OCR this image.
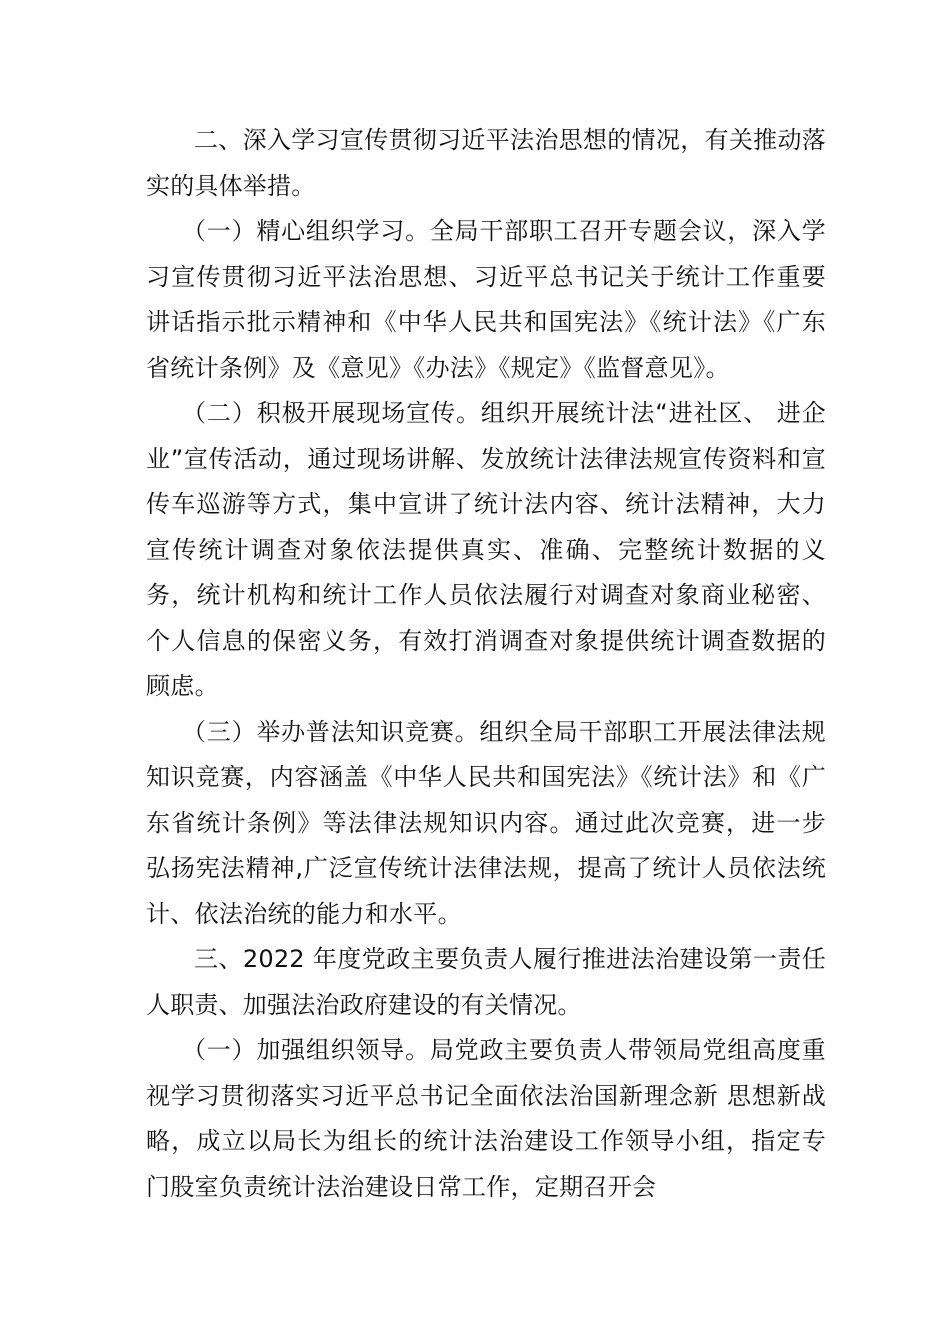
二、深入学习宣传贯彻习近平法治思想的情况，有关推动落实的具体举措。

（一）精心组织学习。全局干部职工召开专题会议，深入学习宣传贯彻习近平法治思想、习近平总书记关于统计工作重要讲话指示批示精神和《中华人民共和国宪法》《统计法》《广东省统计条例》及《意见》《办法》《规定》《监督意见》。

（二）积极开展现场宣传。组织开展统计法“进社区、 进企业”宣传活动，通过现场讲解、发放统计法律法规宣传资料和宣传车巡游等方式，集中宣讲了统计法内容、统计法精神，大力宣传统计调查对象依法提供真实、准确、完整统计数据的义务，统计机构和统计工作人员依法履行对调查对象商业秘密、个人信息的保密义务，有效打消调查对象提供统计调查数据的顾虑。

（三）举办普法知识竞赛。组织全局干部职工开展法律法规知识竞赛，内容涵盖《中华人民共和国宪法》《统计法》和《广东省统计条例》等法律法规知识内容。通过此次竞赛，进一步弘扬宪法精神,广泛宣传统计法律法规，提高了统计人员依法统计、依法治统的能力和水平。

三、2022 年度党政主要负责人履行推进法治建设第一责任人职责、加强法治政府建设的有关情况。

（一）加强组织领导。局党政主要负责人带领局党组高度重视学习贯彻落实习近平总书记全面依法治国新理念新 思想新战略，成立以局长为组长的统计法治建设工作领导小组，指定专门股室负责统计法治建设日常工作，定期召开会
